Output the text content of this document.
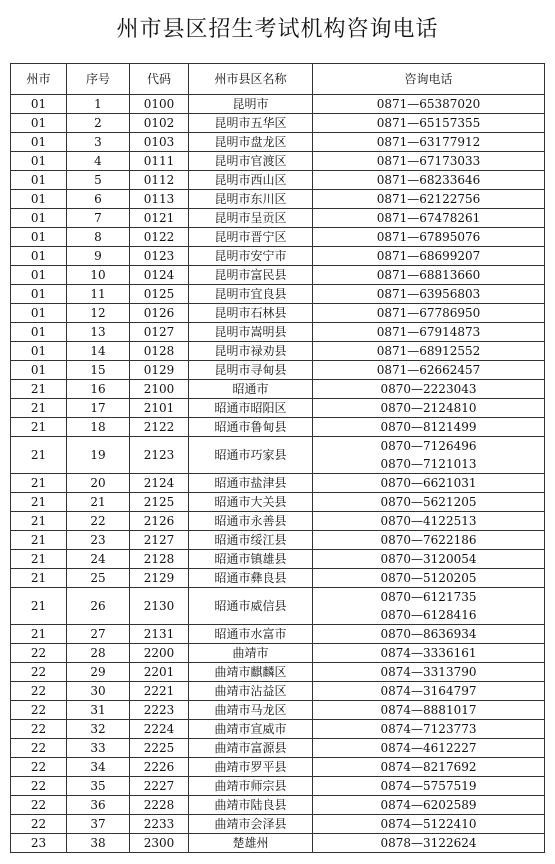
州市县区招生考试机构咨询电话
州市	序号	代码	州市县区名称	咨询电话
01	1	0100	昆明市	0871—65387020

01	2	0102	昆明市五华区	0871—65157355

01	3	0103	昆明市盘龙区	0871—63177912

01	4	0111	昆明市官渡区	0871—67173033

01	5	0112	昆明市西山区	0871—68233646

01	6	0113	昆明市东川区	0871—62122756

01	7	0121	昆明市呈贡区	0871—67478261

01	8	0122	昆明市晋宁区	0871—67895076

01	9	0123	昆明市安宁市	0871—68699207

01	10	0124	昆明市富民县	0871—68813660

01	11	0125	昆明市宜良县	0871—63956803

01	12	0126	昆明市石林县	0871—67786950

01	13	0127	昆明市嵩明县	0871—67914873

01	14	0128	昆明市禄劝县	0871—68912552

01	15	0129	昆明市寻甸县	0871—62662457

21	16	2100	昭通市	0870—2223043

21	17	2101	昭通市昭阳区	0870—2124810

21	18	2122	昭通市鲁甸县	0870—8121499

21	19	2123	昭通市巧家县	0870—7126496
0870—7121013

21	20	2124	昭通市盐津县	0870—6621031

21	21	2125	昭通市大关县	0870—5621205

21	22	2126	昭通市永善县	0870—4122513

21	23	2127	昭通市绥江县	0870—7622186

21	24	2128	昭通市镇雄县	0870—3120054

21	25	2129	昭通市彝良县	0870—5120205

21	26	2130	昭通市威信县	0870—6121735
0870—6128416

21	27	2131	昭通市水富市	0870—8636934

22	28	2200	曲靖市	0874—3336161

22	29	2201	曲靖市麒麟区	0874—3313790

22	30	2221	曲靖市沾益区	0874—3164797

22	31	2223	曲靖市马龙区	0874—8881017

22	32	2224	曲靖市宣威市	0874—7123773

22	33	2225	曲靖市富源县	0874—4612227

22	34	2226	曲靖市罗平县	0874—8217692

22	35	2227	曲靖市师宗县	0874—5757519

22	36	2228	曲靖市陆良县	0874—6202589

22	37	2233	曲靖市会泽县	0874—5122410

23	38	2300	楚雄州	0878—3122624
